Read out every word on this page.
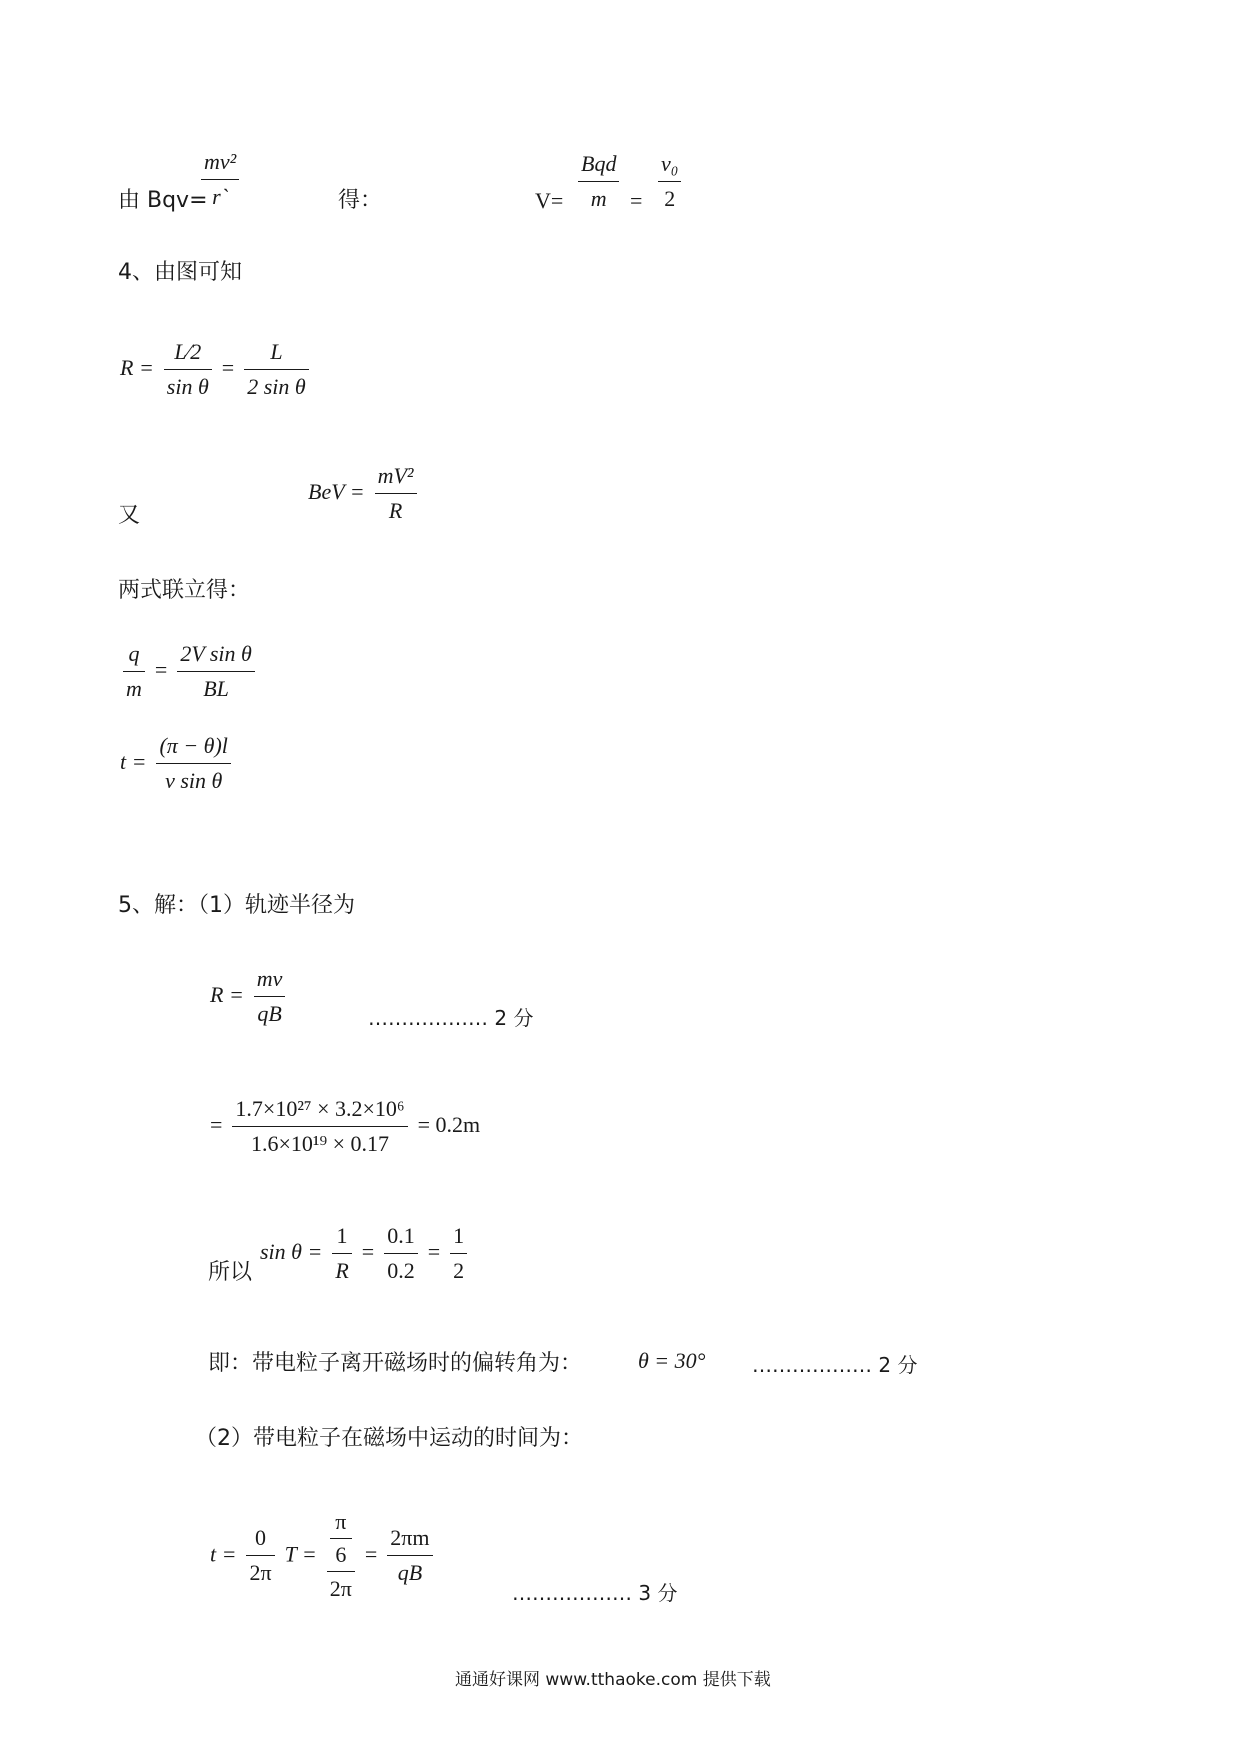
由 Bqv=
$\frac{\text{mv²}}{r`}$	得：	$V= \frac{\text{Bqd}}{m} = \frac{\text{v₀}}{2}$
4、由图可知
$R = \frac{L⁄2}{\text{sin θ}} = \frac{L}{\text{2 sin θ}}$
又
BeV = $\frac{\text{mV²}}{R}$
两式联立得：
$\frac{q}{m} = \frac{\text{2V sin θ}}{BL}$
$t = \frac{(\pi - \theta)l}{\text{v sin θ}}$
5、解：（1）轨迹半径为
$R = \frac{mv}{qB}$	……………… 2 分
= $\frac{\text{1.7×10²⁷ × 3.2×10⁶}}{\text{1.6×10¹⁹ × 0.17}} = 0.2m$
所以
$\sin \theta = \frac{1}{R} = \frac{0.1}{0.2} = \frac{1}{2}$
即：带电粒子离开磁场时的偏转角为：	θ = 30° ……………… 2 分
（2）带电粒子在磁场中运动的时间为：
$t = \frac{0}{2\pi}$ T = π
6
$2\pi = \frac{2\pi m}{qB}$
……………… 3 分
通通好课网 www.tthaoke.com 提供下载
